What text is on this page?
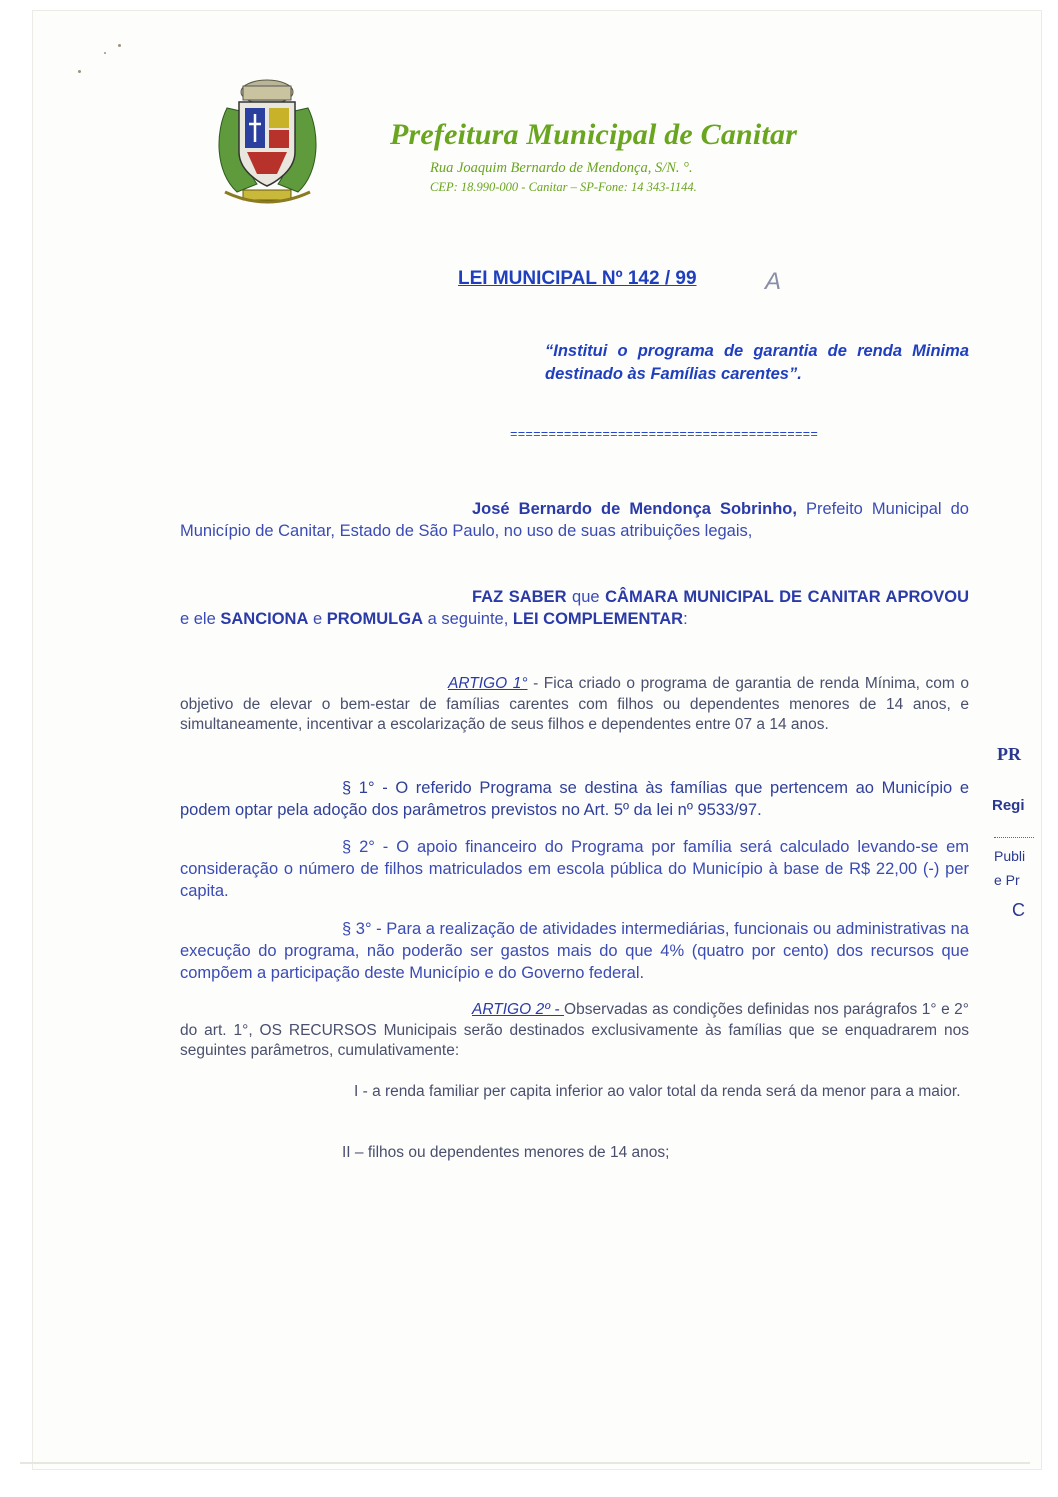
Prefeitura Municipal de Canitar
Rua Joaquim Bernardo de Mendonça, S/N. °.
CEP: 18.990-000 - Canitar – SP-Fone: 14 343-1144.
LEI MUNICIPAL Nº 142 / 99	A
“Institui o programa de garantia de renda Minima destinado às Famílias carentes”.
========================================
José Bernardo de Mendonça Sobrinho, Prefeito Municipal do Município de Canitar, Estado de São Paulo, no uso de suas atribuições legais,
FAZ SABER que CÂMARA MUNICIPAL DE CANITAR APROVOU e ele SANCIONA e PROMULGA a seguinte, LEI COMPLEMENTAR:
ARTIGO 1° - Fica criado o programa de garantia de renda Mínima, com o objetivo de elevar o bem-estar de famílias carentes com filhos ou dependentes menores de 14 anos, e simultaneamente, incentivar a escolarização de seus filhos e dependentes entre 07 a 14 anos.
§ 1° - O referido Programa se destina às famílias que pertencem ao Município e podem optar pela adoção dos parâmetros previstos no Art. 5º da lei nº 9533/97.
§ 2° - O apoio financeiro do Programa por família será calculado levando-se em consideração o número de filhos matriculados em escola pública do Município à base de R$ 22,00 (-) per capita.
§ 3° - Para a realização de atividades intermediárias, funcionais ou administrativas na execução do programa, não poderão ser gastos mais do que 4% (quatro por cento) dos recursos que compõem a participação deste Município e do Governo federal.
ARTIGO 2º - Observadas as condições definidas nos parágrafos 1° e 2° do art. 1°, OS RECURSOS Municipais serão destinados exclusivamente às famílias que se enquadrarem nos seguintes parâmetros, cumulativamente:
I - a renda familiar per capita inferior ao valor total da renda será da menor para a maior.
II – filhos ou dependentes menores de 14 anos;
PR
Regi
Publi
e Pr
C
